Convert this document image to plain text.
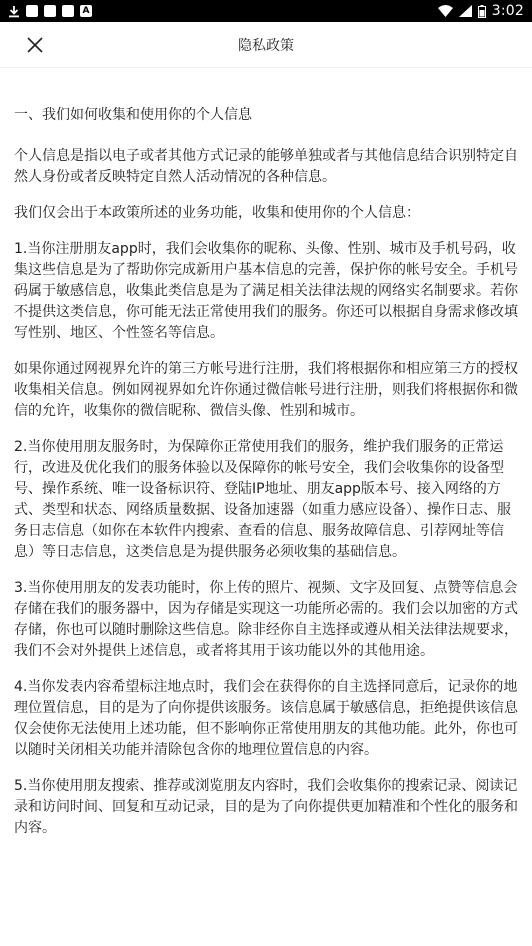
A	3:02
隐私政策
一、我们如何收集和使用你的个人信息

个人信息是指以电子或者其他方式记录的能够单独或者与其他信息结合识别特定自然人身份或者反映特定自然人活动情况的各种信息。

我们仅会出于本政策所述的业务功能，收集和使用你的个人信息：

1.当你注册朋友app时，我们会收集你的昵称、头像、性别、城市及手机号码，收集这些信息是为了帮助你完成新用户基本信息的完善，保护你的帐号安全。手机号码属于敏感信息，收集此类信息是为了满足相关法律法规的网络实名制要求。若你不提供这类信息，你可能无法正常使用我们的服务。你还可以根据自身需求修改填写性别、地区、个性签名等信息。

如果你通过网视界允许的第三方帐号进行注册，我们将根据你和相应第三方的授权收集相关信息。例如网视界如允许你通过微信帐号进行注册，则我们将根据你和微信的允许，收集你的微信昵称、微信头像、性别和城市。

2.当你使用朋友服务时，为保障你正常使用我们的服务，维护我们服务的正常运行，改进及优化我们的服务体验以及保障你的帐号安全，我们会收集你的设备型号、操作系统、唯一设备标识符、登陆IP地址、朋友app版本号、接入网络的方式、类型和状态、网络质量数据、设备加速器（如重力感应设备）、操作日志、服务日志信息（如你在本软件内搜索、查看的信息、服务故障信息、引荐网址等信息）等日志信息，这类信息是为提供服务必须收集的基础信息。

3.当你使用朋友的发表功能时，你上传的照片、视频、文字及回复、点赞等信息会存储在我们的服务器中，因为存储是实现这一功能所必需的。我们会以加密的方式存储，你也可以随时删除这些信息。除非经你自主选择或遵从相关法律法规要求，我们不会对外提供上述信息，或者将其用于该功能以外的其他用途。

4.当你发表内容希望标注地点时，我们会在获得你的自主选择同意后，记录你的地理位置信息，目的是为了向你提供该服务。该信息属于敏感信息，拒绝提供该信息仅会使你无法使用上述功能，但不影响你正常使用朋友的其他功能。此外，你也可以随时关闭相关功能并清除包含你的地理位置信息的内容。

5.当你使用朋友搜索、推荐或浏览朋友内容时，我们会收集你的搜索记录、阅读记录和访问时间、回复和互动记录，目的是为了向你提供更加精准和个性化的服务和内容。
